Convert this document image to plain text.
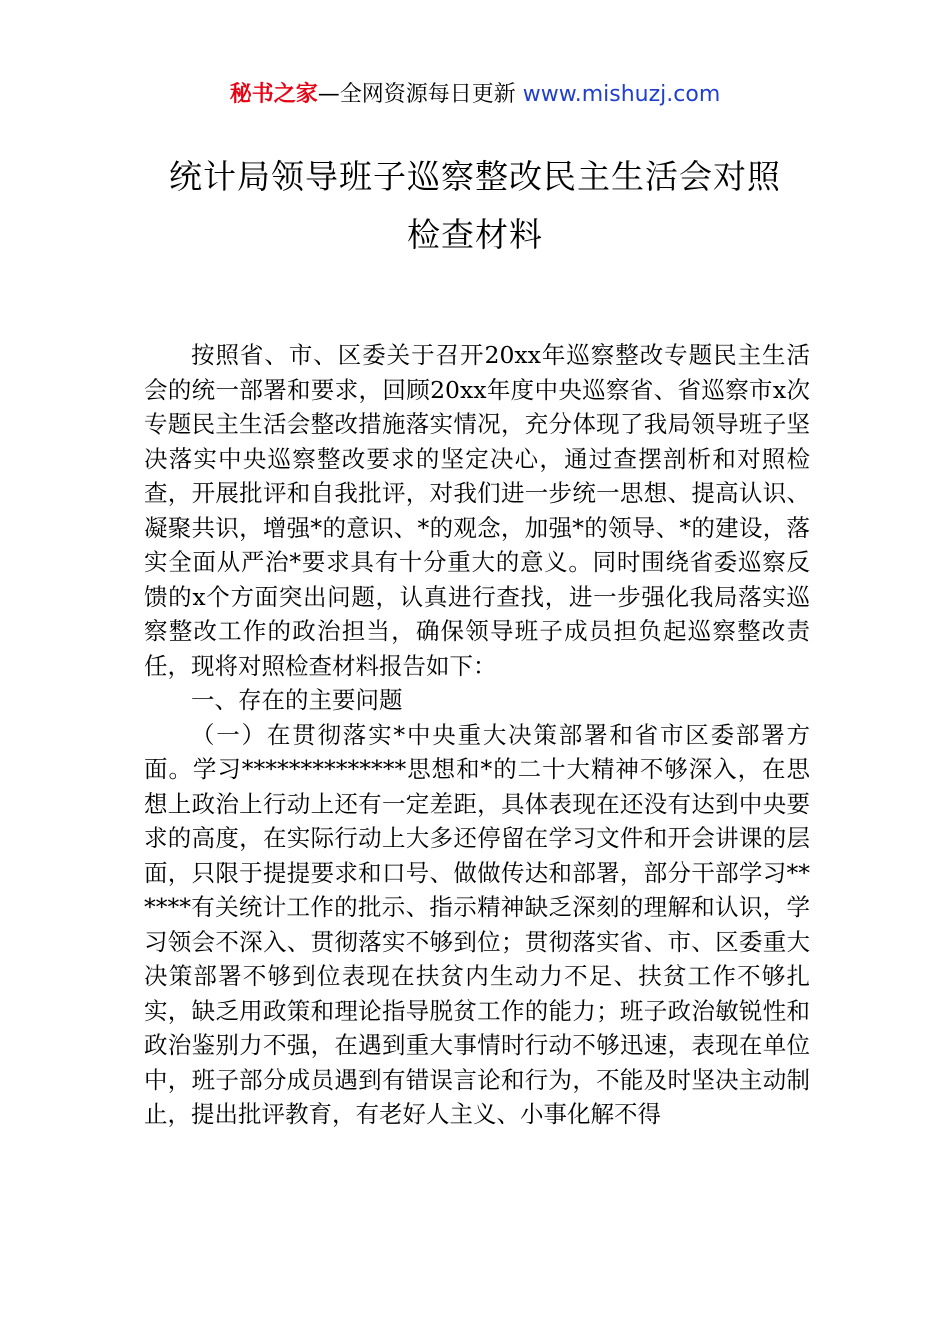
秘书之家—全网资源每日更新 www.mishuzj.com
统计局领导班子巡察整改民主生活会对照
检查材料

按照省、市、区委关于召开20xx年巡察整改专题民主生活会的统一部署和要求，回顾20xx年度中央巡察省、省巡察市x次专题民主生活会整改措施落实情况，充分体现了我局领导班子坚决落实中央巡察整改要求的坚定决心，通过查摆剖析和对照检查，开展批评和自我批评，对我们进一步统一思想、提高认识、凝聚共识，增强*的意识、*的观念，加强*的领导、*的建设，落实全面从严治*要求具有十分重大的意义。同时围绕省委巡察反馈的x个方面突出问题，认真进行查找，进一步强化我局落实巡察整改工作的政治担当，确保领导班子成员担负起巡察整改责任，现将对照检查材料报告如下：

一、存在的主要问题

（一）在贯彻落实*中央重大决策部署和省市区委部署方面。学习**************思想和*的二十大精神不够深入，在思想上政治上行动上还有一定差距，具体表现在还没有达到中央要求的高度，在实际行动上大多还停留在学习文件和开会讲课的层面，只限于提提要求和口号、做做传达和部署，部分干部学习******有关统计工作的批示、指示精神缺乏深刻的理解和认识，学习领会不深入、贯彻落实不够到位；贯彻落实省、市、区委重大决策部署不够到位表现在扶贫内生动力不足、扶贫工作不够扎实，缺乏用政策和理论指导脱贫工作的能力；班子政治敏锐性和政治鉴别力不强，在遇到重大事情时行动不够迅速，表现在单位中，班子部分成员遇到有错误言论和行为，不能及时坚决主动制止，提出批评教育，有老好人主义、小事化解不得
